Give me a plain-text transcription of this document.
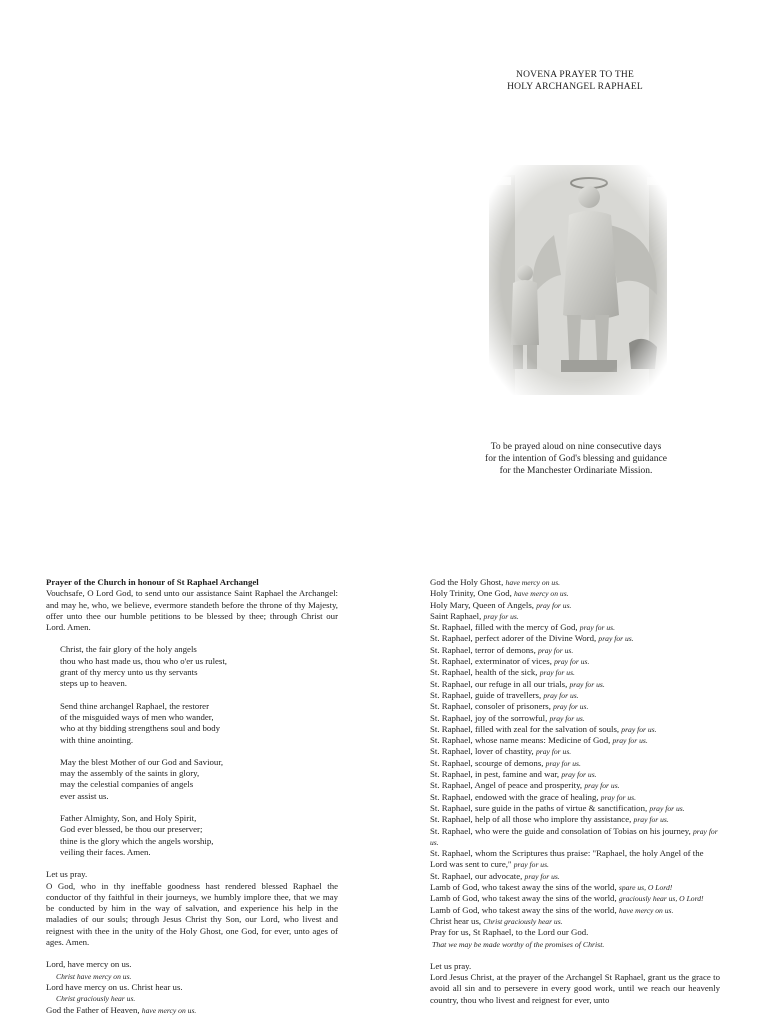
NOVENA PRAYER TO THE
HOLY ARCHANGEL RAPHAEL
To be prayed aloud on nine consecutive days
for the intention of God's blessing and guidance
for the Manchester Ordinariate Mission.
Prayer of the Church in honour of St Raphael Archangel
Vouchsafe, O Lord God, to send unto our assistance Saint Raphael the Archangel: and may he, who, we believe, evermore standeth before the throne of thy Majesty, offer unto thee our humble petitions to be blessed by thee; through Christ our Lord. Amen.
Christ, the fair glory of the holy angels
thou who hast made us, thou who o'er us rulest,
grant of thy mercy unto us thy servants
steps up to heaven.
Send thine archangel Raphael, the restorer
of the misguided ways of men who wander,
who at thy bidding strengthens soul and body
with thine anointing.
May the blest Mother of our God and Saviour,
may the assembly of the saints in glory,
may the celestial companies of angels
ever assist us.
Father Almighty, Son, and Holy Spirit,
God ever blessed, be thou our preserver;
thine is the glory which the angels worship,
veiling their faces. Amen.
Let us pray.
O God, who in thy ineffable goodness hast rendered blessed Raphael the conductor of thy faithful in their journeys, we humbly implore thee, that we may be conducted by him in the way of salvation, and experience his help in the maladies of our souls; through Jesus Christ thy Son, our Lord, who livest and reignest with thee in the unity of the Holy Ghost, one God, for ever, unto ages of ages. Amen.
Lord, have mercy on us.
Christ have mercy on us.
Lord have mercy on us. Christ hear us.
Christ graciously hear us.
God the Father of Heaven, have mercy on us.
God the Holy Ghost, have mercy on us.
Holy Trinity, One God, have mercy on us.
Holy Mary, Queen of Angels, pray for us.
Saint Raphael, pray for us.
St. Raphael, filled with the mercy of God, pray for us.
St. Raphael, perfect adorer of the Divine Word, pray for us.
St. Raphael, terror of demons, pray for us.
St. Raphael, exterminator of vices, pray for us.
St. Raphael, health of the sick, pray for us.
St. Raphael, our refuge in all our trials, pray for us.
St. Raphael, guide of travellers, pray for us.
St. Raphael, consoler of prisoners, pray for us.
St. Raphael, joy of the sorrowful, pray for us.
St. Raphael, filled with zeal for the salvation of souls, pray for us.
St. Raphael, whose name means: Medicine of God, pray for us.
St. Raphael, lover of chastity, pray for us.
St. Raphael, scourge of demons, pray for us.
St. Raphael, in pest, famine and war, pray for us.
St. Raphael, Angel of peace and prosperity, pray for us.
St. Raphael, endowed with the grace of healing, pray for us.
St. Raphael, sure guide in the paths of virtue & sanctification, pray for us.
St. Raphael, help of all those who implore thy assistance, pray for us.
St. Raphael, who were the guide and consolation of Tobias on his journey, pray for us.
St. Raphael, whom the Scriptures thus praise: "Raphael, the holy Angel of the Lord was sent to cure," pray for us.
St. Raphael, our advocate, pray for us.
Lamb of God, who takest away the sins of the world, spare us, O Lord!
Lamb of God, who takest away the sins of the world, graciously hear us, O Lord!
Lamb of God, who takest away the sins of the world, have mercy on us.
Christ hear us, Christ graciously hear us.
Pray for us, St Raphael, to the Lord our God.
That we may be made worthy of the promises of Christ.
Let us pray.
Lord Jesus Christ, at the prayer of the Archangel St Raphael, grant us the grace to avoid all sin and to persevere in every good work, until we reach our heavenly country, thou who livest and reignest for ever, unto
